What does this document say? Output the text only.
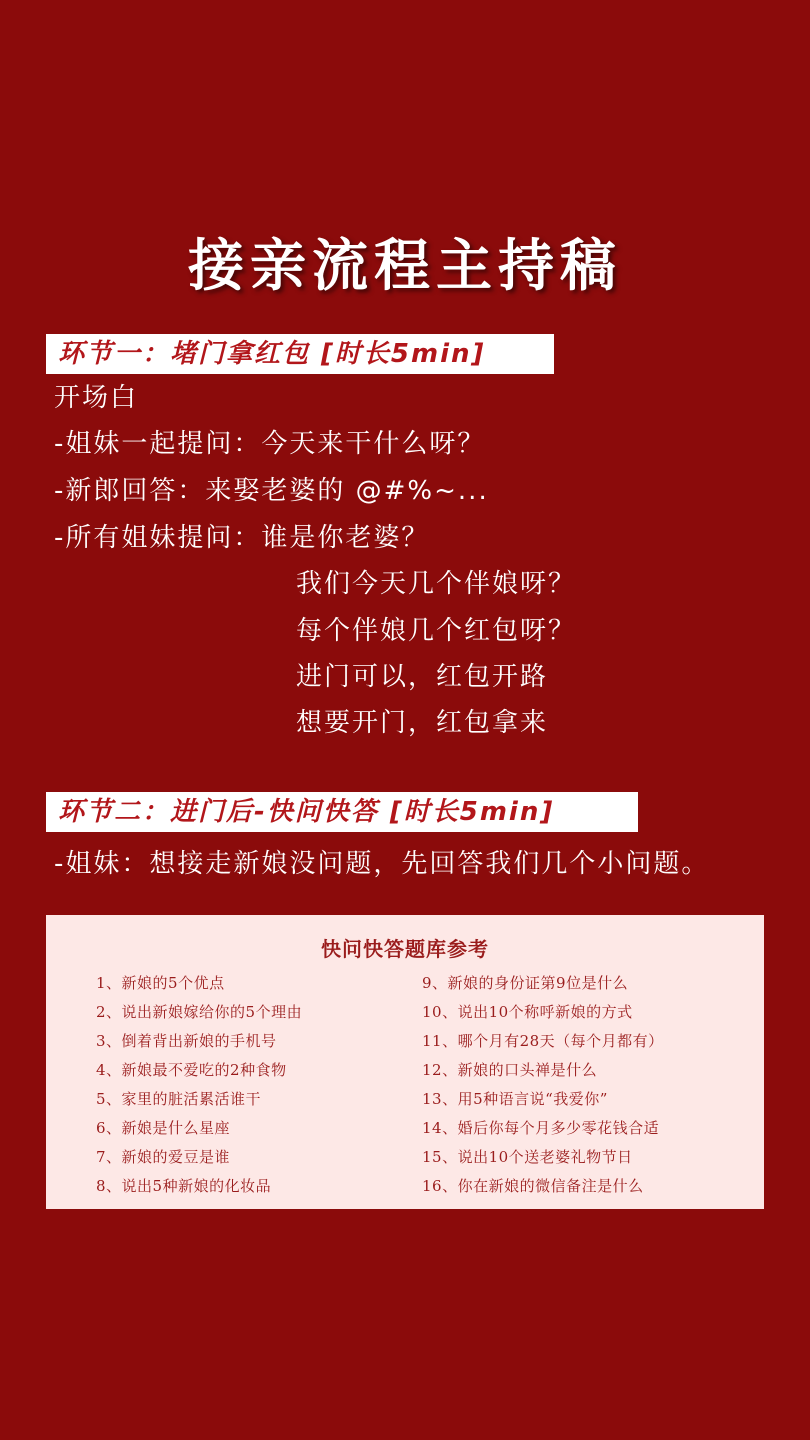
接亲流程主持稿
环节一：堵门拿红包 [时长5min]
开场白
-姐妹一起提问：今天来干什么呀？
-新郎回答：来娶老婆的 @#%~...
-所有姐妹提问：谁是你老婆？
我们今天几个伴娘呀？
每个伴娘几个红包呀？
进门可以，红包开路
想要开门，红包拿来
环节二：进门后-快问快答 [时长5min]
-姐妹：想接走新娘没问题，先回答我们几个小问题。
快问快答题库参考
1、新娘的5个优点
2、说出新娘嫁给你的5个理由
3、倒着背出新娘的手机号
4、新娘最不爱吃的2种食物
5、家里的脏活累活谁干
6、新娘是什么星座
7、新娘的爱豆是谁
8、说出5种新娘的化妆品
9、新娘的身份证第9位是什么
10、说出10个称呼新娘的方式
11、哪个月有28天（每个月都有）
12、新娘的口头禅是什么
13、用5种语言说“我爱你”
14、婚后你每个月多少零花钱合适
15、说出10个送老婆礼物节日
16、你在新娘的微信备注是什么
